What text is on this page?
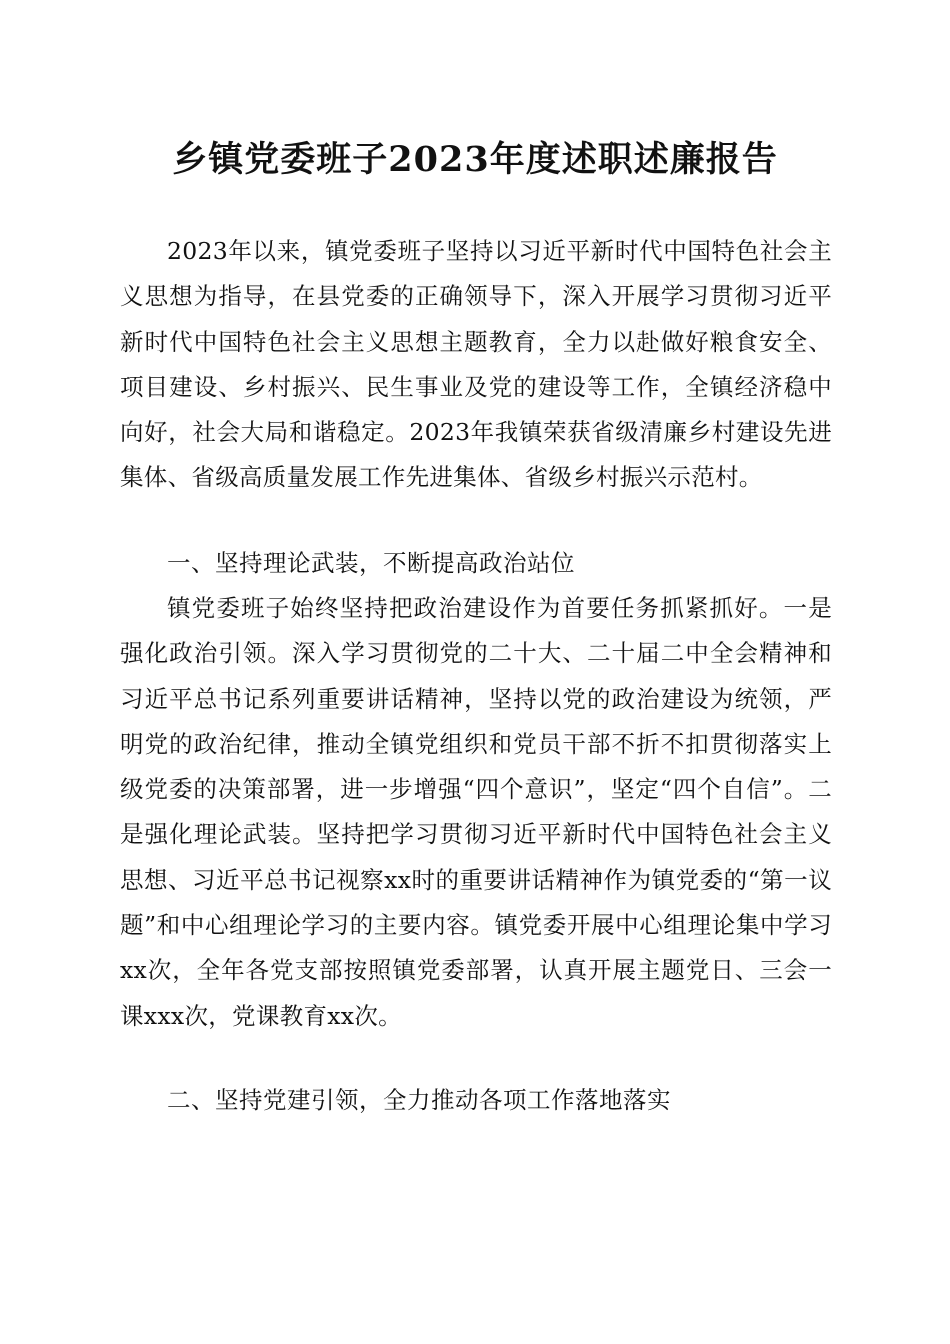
乡镇党委班子2023年度述职述廉报告

2023年以来，镇党委班子坚持以习近平新时代中国特色社会主义思想为指导，在县党委的正确领导下，深入开展学习贯彻习近平新时代中国特色社会主义思想主题教育，全力以赴做好粮食安全、项目建设、乡村振兴、民生事业及党的建设等工作，全镇经济稳中向好，社会大局和谐稳定。2023年我镇荣获省级清廉乡村建设先进集体、省级高质量发展工作先进集体、省级乡村振兴示范村。

一、坚持理论武装，不断提高政治站位

镇党委班子始终坚持把政治建设作为首要任务抓紧抓好。一是强化政治引领。深入学习贯彻党的二十大、二十届二中全会精神和习近平总书记系列重要讲话精神，坚持以党的政治建设为统领，严明党的政治纪律，推动全镇党组织和党员干部不折不扣贯彻落实上级党委的决策部署，进一步增强“四个意识”，坚定“四个自信”。二是强化理论武装。坚持把学习贯彻习近平新时代中国特色社会主义思想、习近平总书记视察xx时的重要讲话精神作为镇党委的“第一议题”和中心组理论学习的主要内容。镇党委开展中心组理论集中学习xx次，全年各党支部按照镇党委部署，认真开展主题党日、三会一课xxx次，党课教育xx次。

二、坚持党建引领，全力推动各项工作落地落实
